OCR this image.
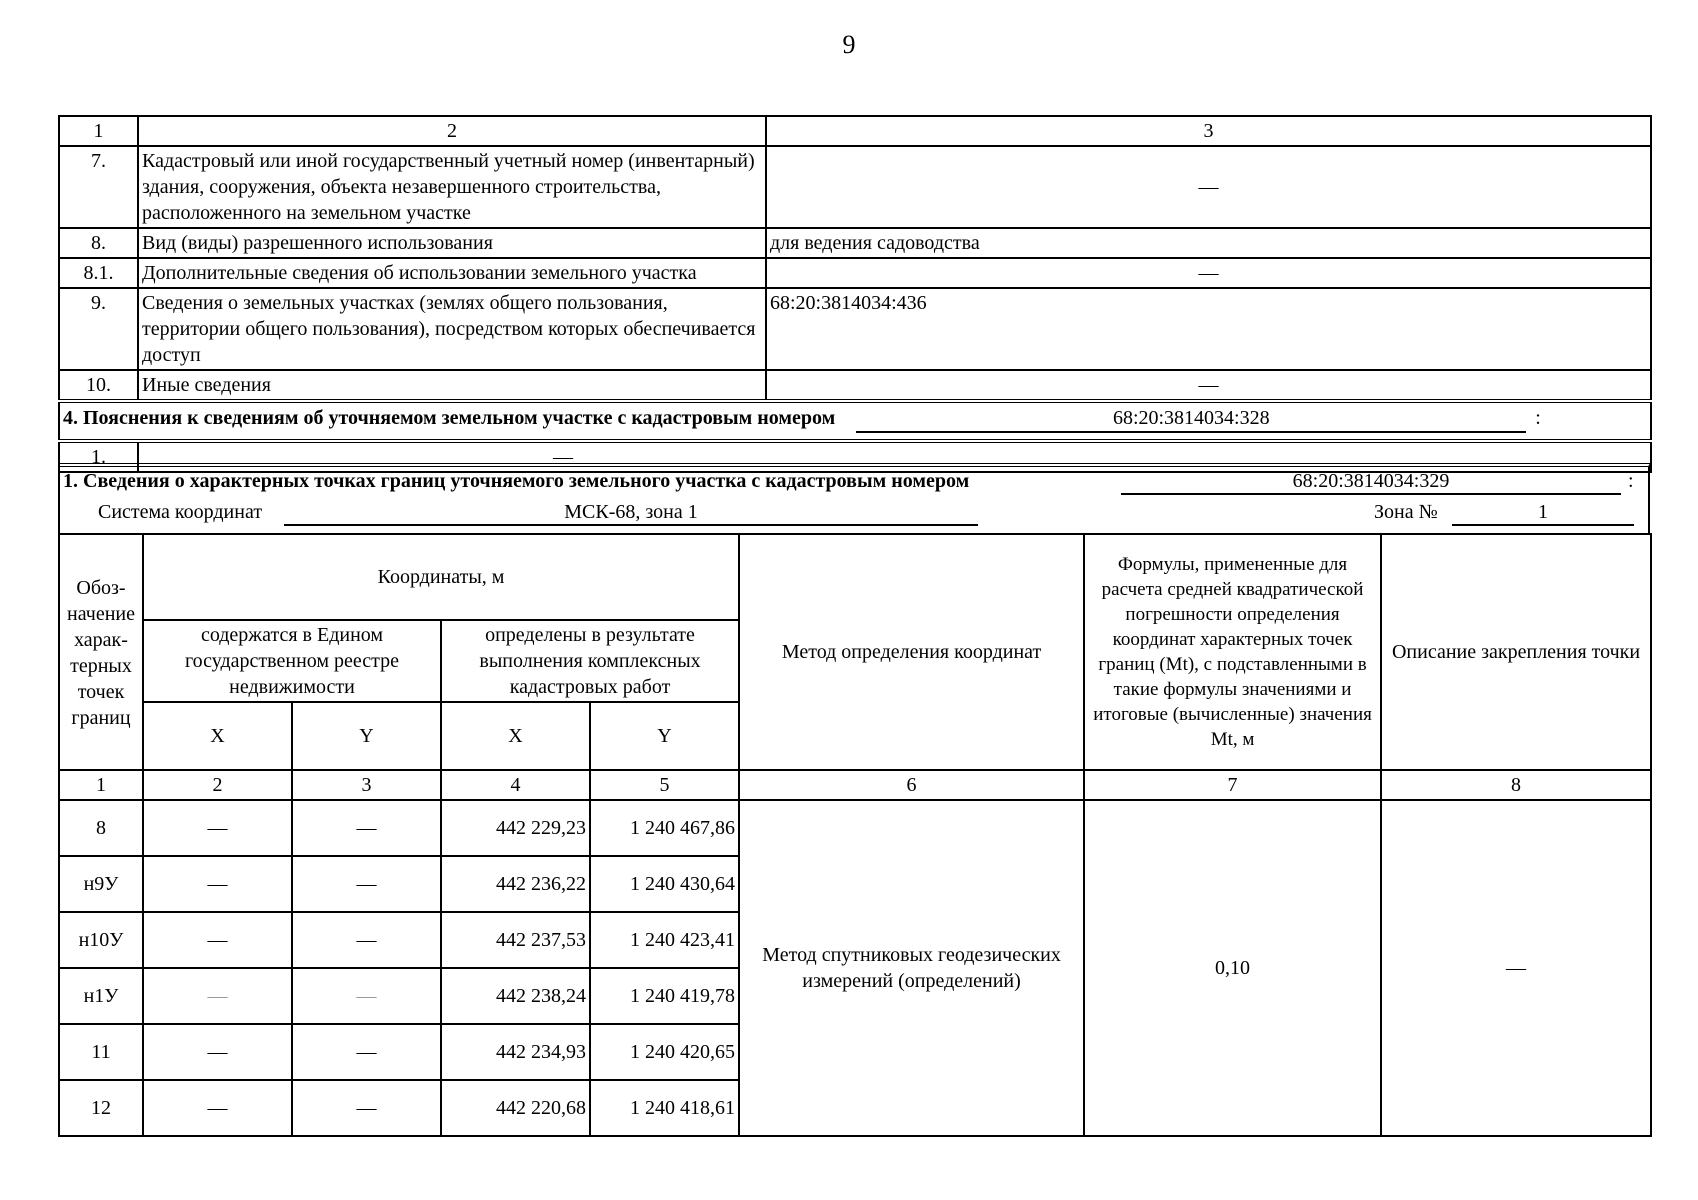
9
1	2	3
7.	Кадастровый или иной государственный учетный номер (инвентарный) здания, сооружения, объекта незавершенного строительства, расположенного на земельном участке	—
8.	Вид (виды) разрешенного использования	для ведения садоводства
8.1.	Дополнительные сведения об использовании земельного участка	—
9.	Сведения о земельных участках (землях общего пользования, территории общего пользования), посредством которых обеспечивается доступ	68:20:3814034:436
10.	Иные сведения	—
4. Пояснения к сведениям об уточняемом земельном участке с кадастровым номером 68:20:3814034:328 :		
1.	—	
1. Сведения о характерных точках границ уточняемого земельного участка с кадастровым номером	68:20:3814034:329	:
Система координат	МСК-68, зона 1	Зона №	1
Обоз-начение харак-терных точек границ	Координаты, м				Метод определения координат	Формулы, примененные для расчета средней квадратической погрешности определения координат характерных точек границ (Mt), с подставленными в такие формулы значениями и итоговые (вычисленные) значения Mt, м	Описание закрепления точки
	содержатся в Едином государственном реестре недвижимости		определены в результате выполнения комплексных кадастровых работ				
	X	Y	X	Y			
1	2	3	4	5	6	7	8
8	—	—	442 229,23	1 240 467,86	Метод спутниковых геодезических измерений (определений)	0,10	—
н9У	—	—	442 236,22	1 240 430,64			
н10У	—	—	442 237,53	1 240 423,41			
н1У	—	—	442 238,24	1 240 419,78			
11	—	—	442 234,93	1 240 420,65			
12	—	—	442 220,68	1 240 418,61			
